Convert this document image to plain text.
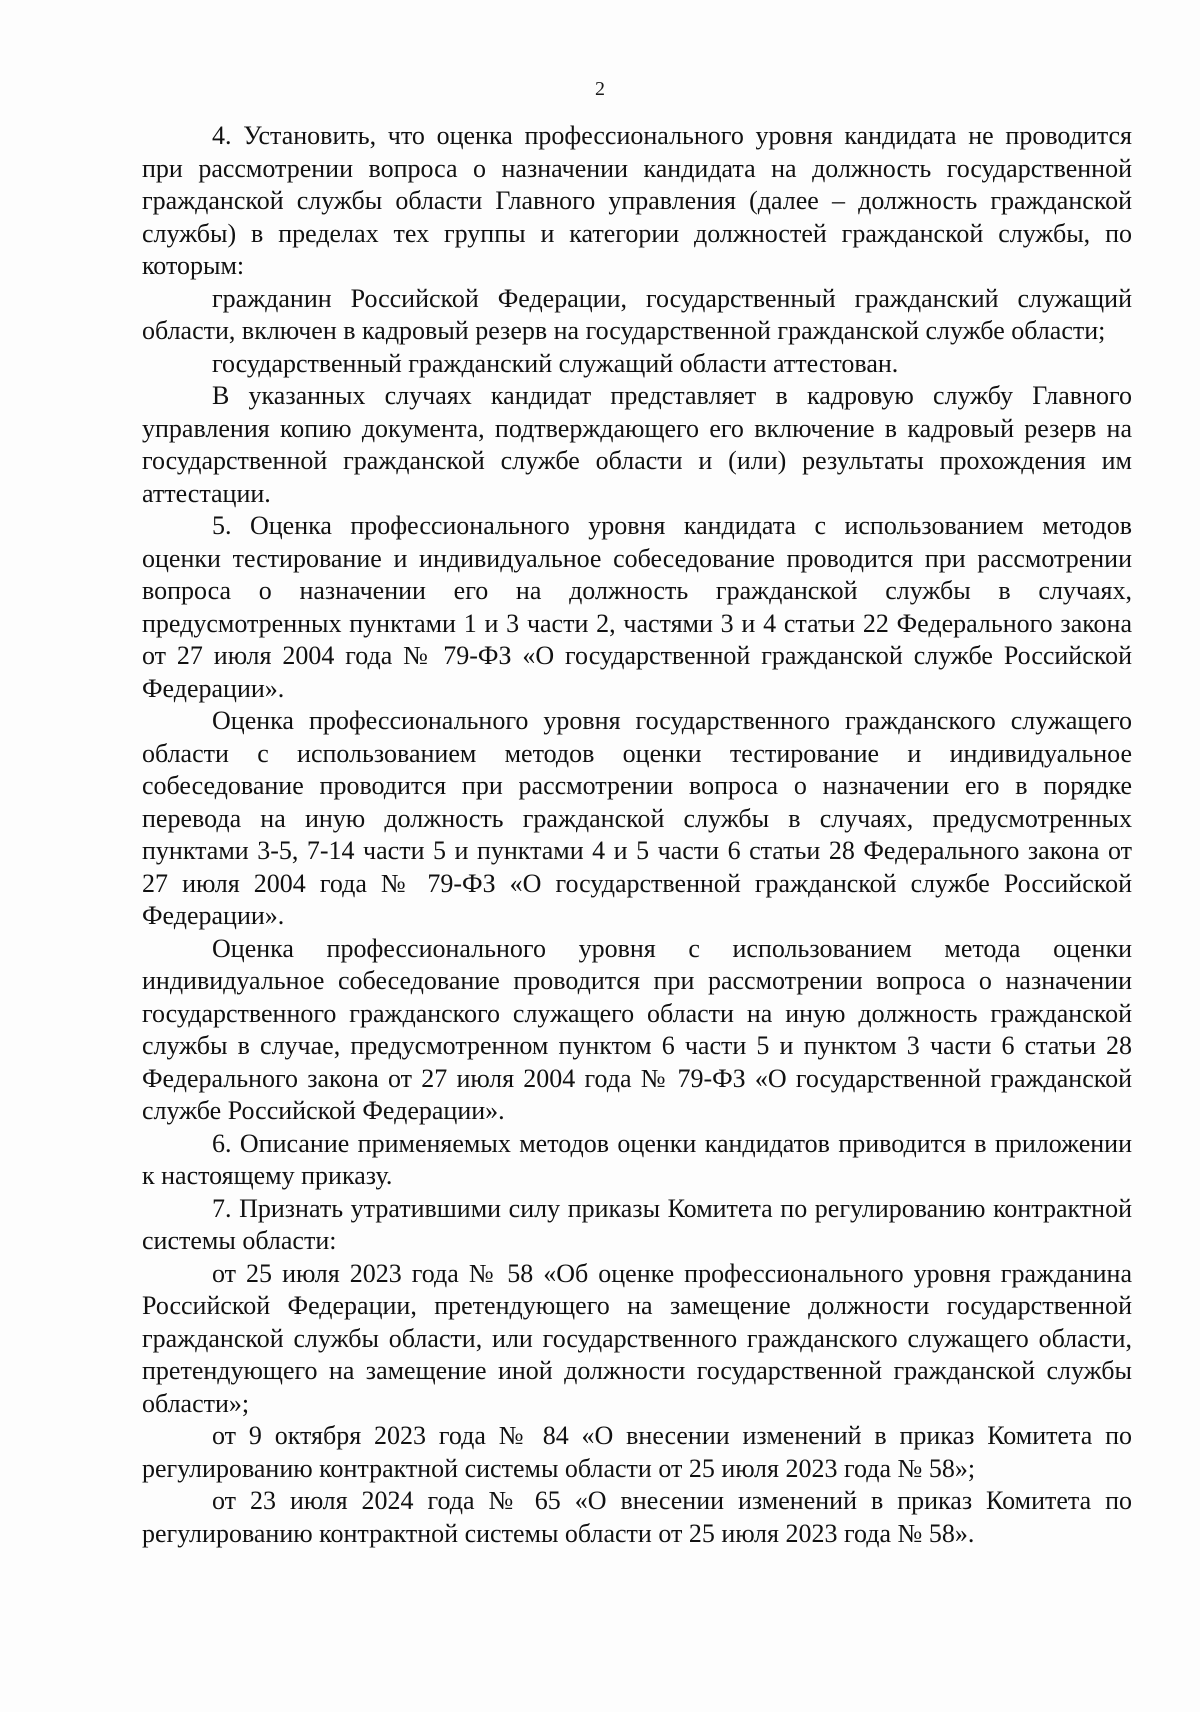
2

4. Установить, что оценка профессионального уровня кандидата не проводится при рассмотрении вопроса о назначении кандидата на должность государственной гражданской службы области Главного управления (далее – должность гражданской службы) в пределах тех группы и категории должностей гражданской службы, по которым:

гражданин Российской Федерации, государственный гражданский служащий области, включен в кадровый резерв на государственной гражданской службе области;

государственный гражданский служащий области аттестован.

В указанных случаях кандидат представляет в кадровую службу Главного управления копию документа, подтверждающего его включение в кадровый резерв на государственной гражданской службе области и (или) результаты прохождения им аттестации.

5. Оценка профессионального уровня кандидата с использованием методов оценки тестирование и индивидуальное собеседование проводится при рассмотрении вопроса о назначении его на должность гражданской службы в случаях, предусмотренных пунктами 1 и 3 части 2, частями 3 и 4 статьи 22 Федерального закона от 27 июля 2004 года № 79-ФЗ «О государственной гражданской службе Российской Федерации».

Оценка профессионального уровня государственного гражданского служащего области с использованием методов оценки тестирование и индивидуальное собеседование проводится при рассмотрении вопроса о назначении его в порядке перевода на иную должность гражданской службы в случаях, предусмотренных пунктами 3-5, 7-14 части 5 и пунктами 4 и 5 части 6 статьи 28 Федерального закона от 27 июля 2004 года № 79-ФЗ «О государственной гражданской службе Российской Федерации».

Оценка профессионального уровня с использованием метода оценки индивидуальное собеседование проводится при рассмотрении вопроса о назначении государственного гражданского служащего области на иную должность гражданской службы в случае, предусмотренном пунктом 6 части 5 и пунктом 3 части 6 статьи 28 Федерального закона от 27 июля 2004 года № 79-ФЗ «О государственной гражданской службе Российской Федерации».

6. Описание применяемых методов оценки кандидатов приводится в приложении к настоящему приказу.

7. Признать утратившими силу приказы Комитета по регулированию контрактной системы области:

от 25 июля 2023 года № 58 «Об оценке профессионального уровня гражданина Российской Федерации, претендующего на замещение должности государственной гражданской службы области, или государственного гражданского служащего области, претендующего на замещение иной должности государственной гражданской службы области»;

от 9 октября 2023 года № 84 «О внесении изменений в приказ Комитета по регулированию контрактной системы области от 25 июля 2023 года № 58»;

от 23 июля 2024 года № 65 «О внесении изменений в приказ Комитета по регулированию контрактной системы области от 25 июля 2023 года № 58».
